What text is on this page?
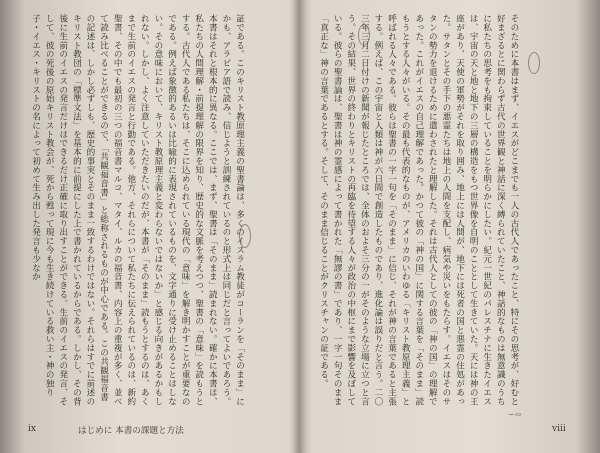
証である。このキリスト教原理主義の聖書論は、多くのイスラム教徒がコーランを「そのまま」にかも、アラビア語で読み、信じようと訓練されているのと形式上は同じだと言ってよいであろう。本書はそれと根本的に異なる。ここでは、まず、聖書は「そのまま」読まれない。確かに本書は、私たちの人間理解・前提理解の限界を知り、歴史的な文脈を考えつつ、聖書の「意味」を読もうとする。古代人である私たちは、そこに込められている現代の「意味」を解き明かすことが重要なのである。例えば象徴的あるいは比喩的に表現されているものを、文字通りに受け止めることはしない。その意味において、キリスト教原理主義と変わらないではないか」と感じる向きがあるかもしれない。しかし、よく注意していただきたいのだが、本書が「そのまま」読もうとするのは、あくまで生前のイエスの発言と行動である。他方、それらについて私たちに伝えられているのは、新約聖書、その中でも最初の三つの福音書マルコ、マタイ、ルカの福音書、内容上の重複が多く、並べて読み比べることができるので、「共観福音書」と総称されるものが中心である。この共観福音書の記述は、しかし必ずしも、歴史的事実とそのまま一致するわけではない。それらはすでに前述のキリスト教団の「標準文法」を基本的に前提にした上で書かれているからである。しかし、その背後に生前のイエスの発言だけはできるだけ正確に取り出すことができる。生前のイエスの発言、そして、彼の死後の原始キリスト教会が、死から甦って現に今も生き続けている救い主・神の独り子・イエス・キリストの名によって初めて生み出した発言も少なか	そのために本書はまず、イエスがどこまでも一人の古代人であったこと、特にその思考が、好むと好まざるとに関わらず古代の世界観と神話に深く縛られていたこと、神話的なものは無意識のうちに私たちの思考をも拘束していることを明らかにしたい。紀元一世紀のパレスチナに生きたイエスは、宇宙の天と地と地下の三層の構造をもつ世界像を自明のこととして生きていた。天には神の王座があり、天使の軍勢がそれを取り囲み、地上には人間が、地下には死者の国と悪霊の住処があった。サタンとその手下の悪霊たちは地上の人間を支配し、病気や災いをもたらす。イエスはそのサタンの勢力を退けるために遣わされたと理解した。それは古代人としての彼の「神の国」の理解であった。これがイエスの自己理解であった。かつて彼の「神の国」に関する言葉を「そのまま」読もうとする人々がいる。その最も代表的なものが、アメリカのいわゆる「キリスト教原理主義」と呼ばれる人々である。彼らは聖書の一字一句を「そのまま」に信じ、それが神の言葉であると主張する。例えば、この宇宙と人類は神が六日間で創造したものであり、進化論は誤りだと言う。二〇三年三月二日付けの新聞が報じたところでは、全体のおよそ三分の一がそのような立場に立つと言う。その結果、世界の終わりとキリストの再臨を待望する人々が政治の中枢にまで影響を及ぼしている。彼らの聖書論は、聖書は神の霊感によって書かれた「無謬の書」であり、一字一句そのまま「真正な」神の言葉であるとする。そして、そのまま信じることがクリスチャンの証である。

ix	はじめに 本書の課題と方法
∽∾
viii
